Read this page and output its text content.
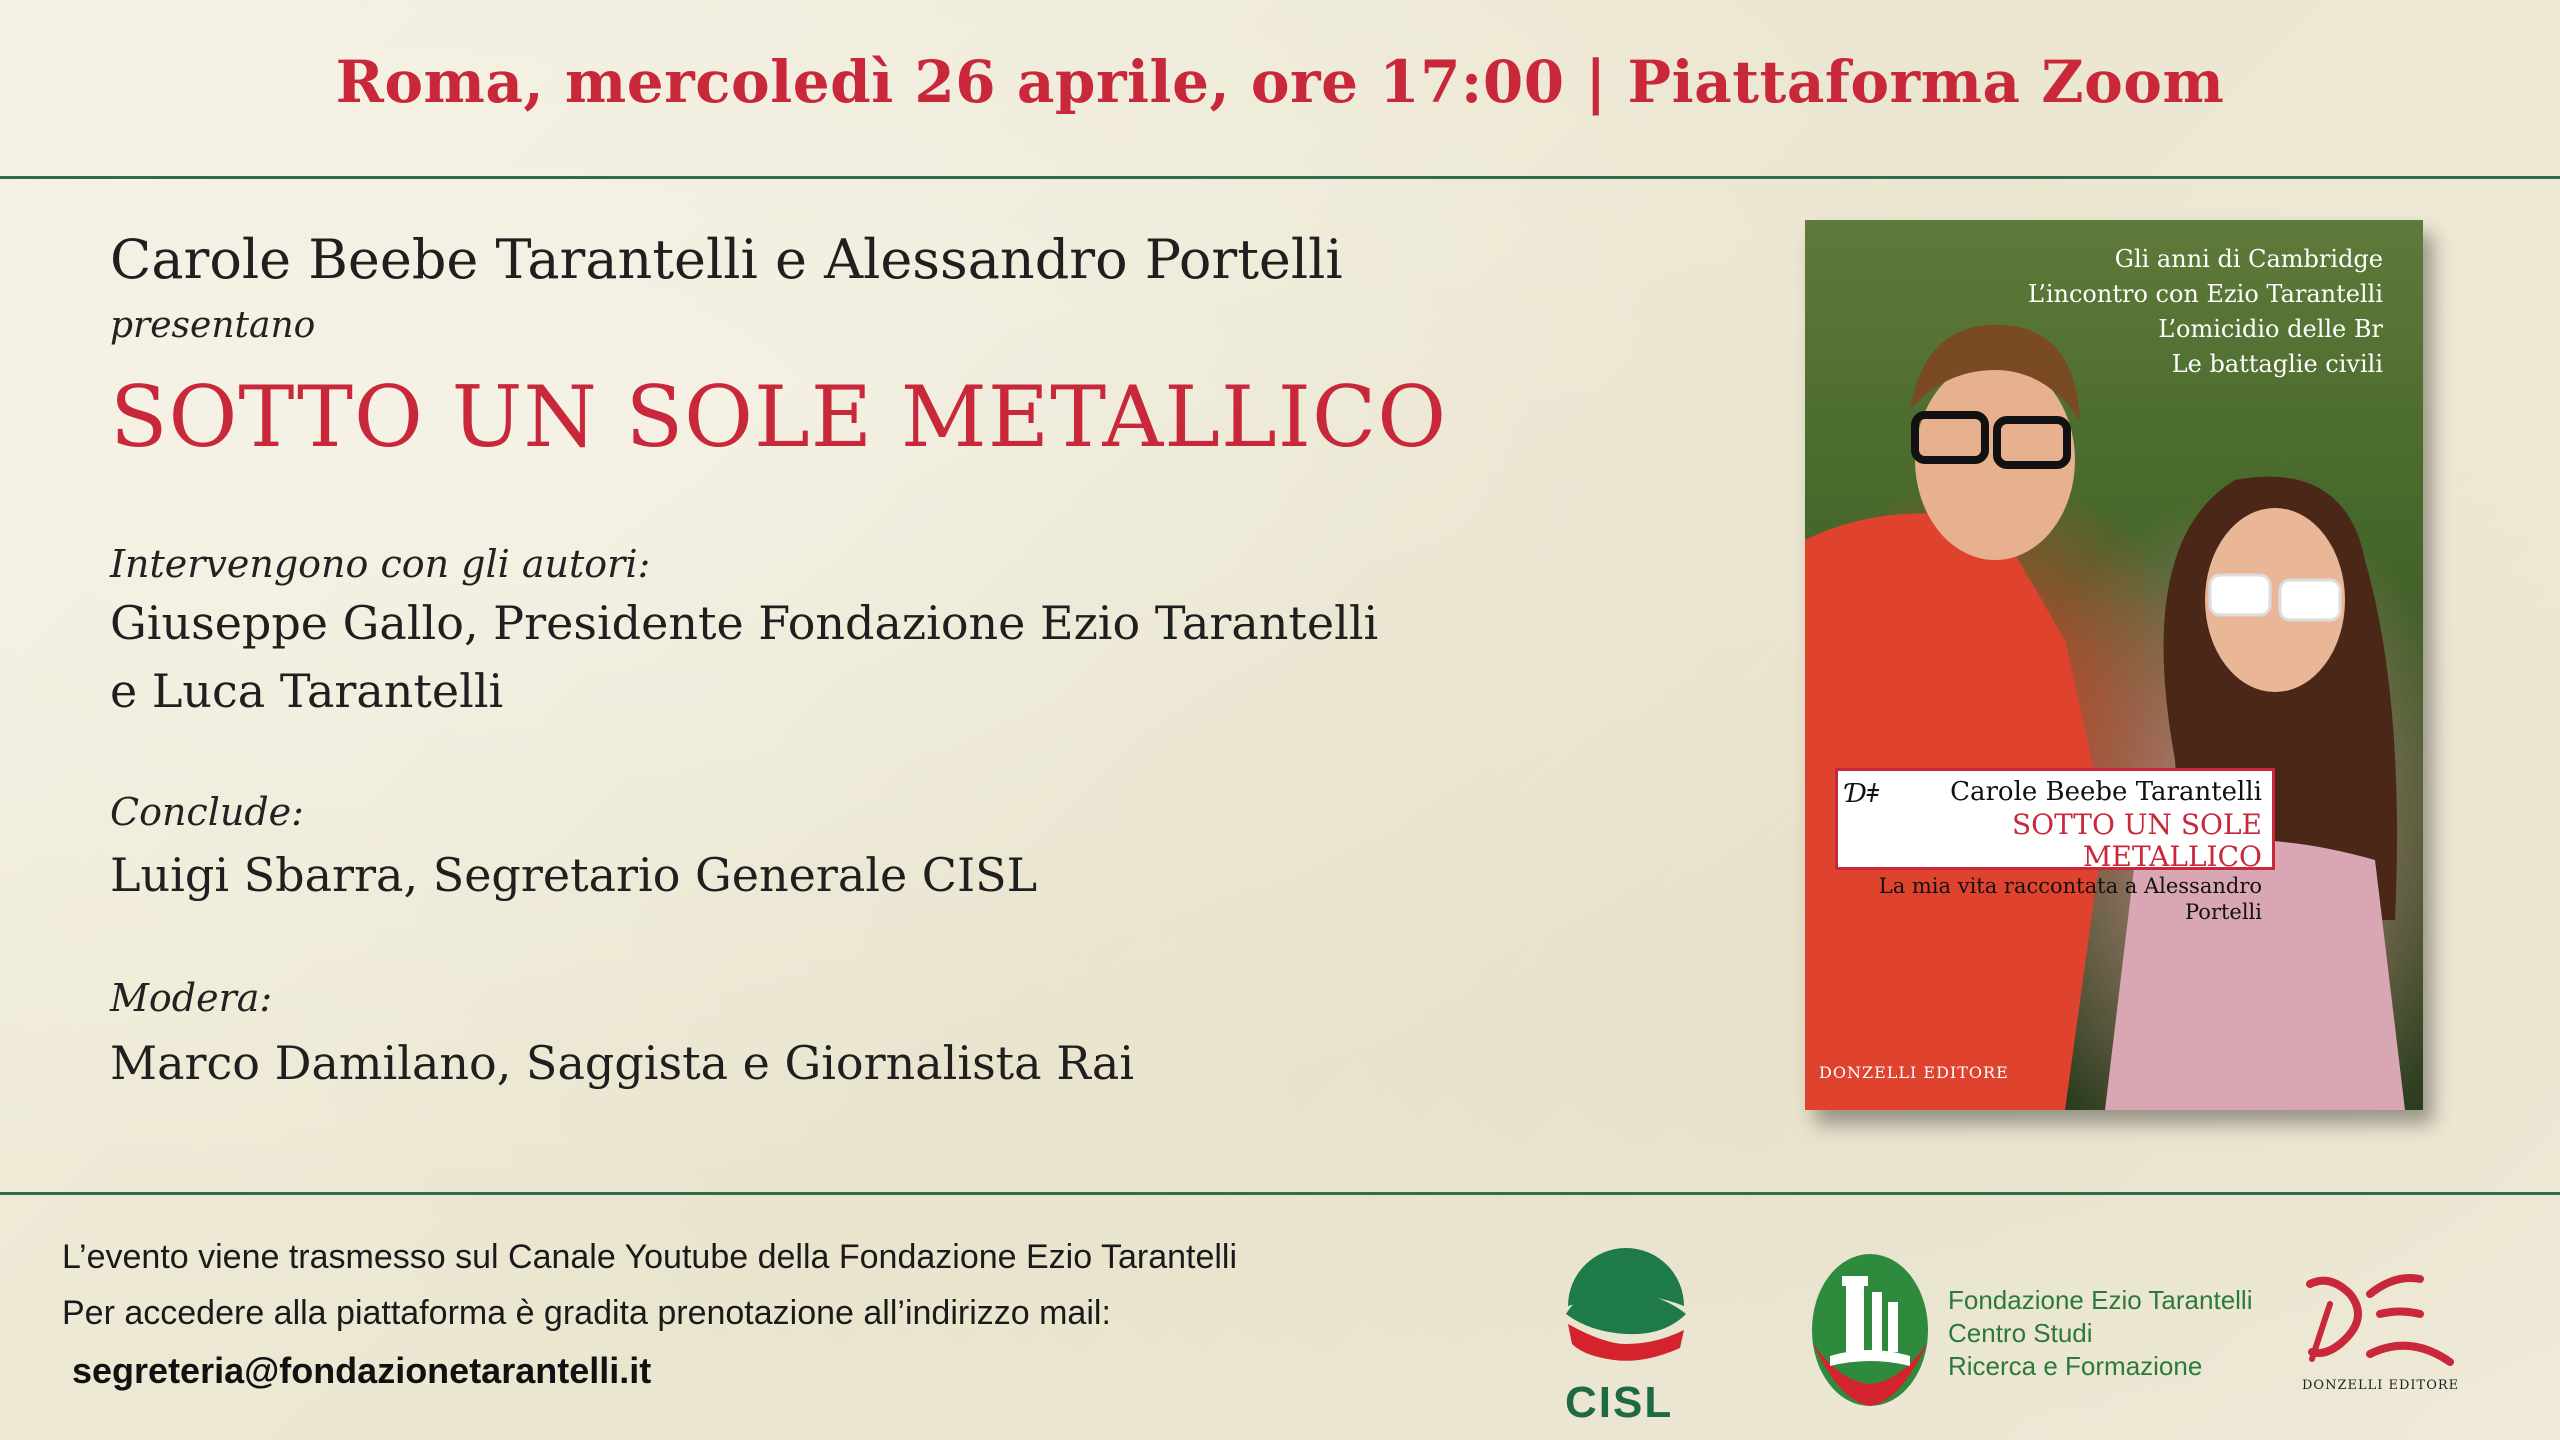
Roma, mercoledì 26 aprile, ore 17:00 | Piattaforma Zoom
Carole Beebe Tarantelli e Alessandro Portelli
presentano
SOTTO UN SOLE METALLICO
Intervengono con gli autori:
Giuseppe Gallo, Presidente Fondazione Ezio Tarantelli
e Luca Tarantelli
Conclude:
Luigi Sbarra, Segretario Generale CISL
Modera:
Marco Damilano, Saggista e Giornalista Rai
Gli anni di Cambridge
L’incontro con Ezio Tarantelli
L’omicidio delle Br
Le battaglie civili
Ɗǂ	Carole Beebe Tarantelli
SOTTO UN SOLE METALLICO
La mia vita raccontata a Alessandro Portelli
DONZELLI EDITORE
L’evento viene trasmesso sul Canale Youtube della Fondazione Ezio Tarantelli
Per accedere alla piattaforma è gradita prenotazione all’indirizzo mail:
segreteria@fondazionetarantelli.it
CISL
Fondazione Ezio Tarantelli
Centro Studi
Ricerca e Formazione
DONZELLI EDITORE
